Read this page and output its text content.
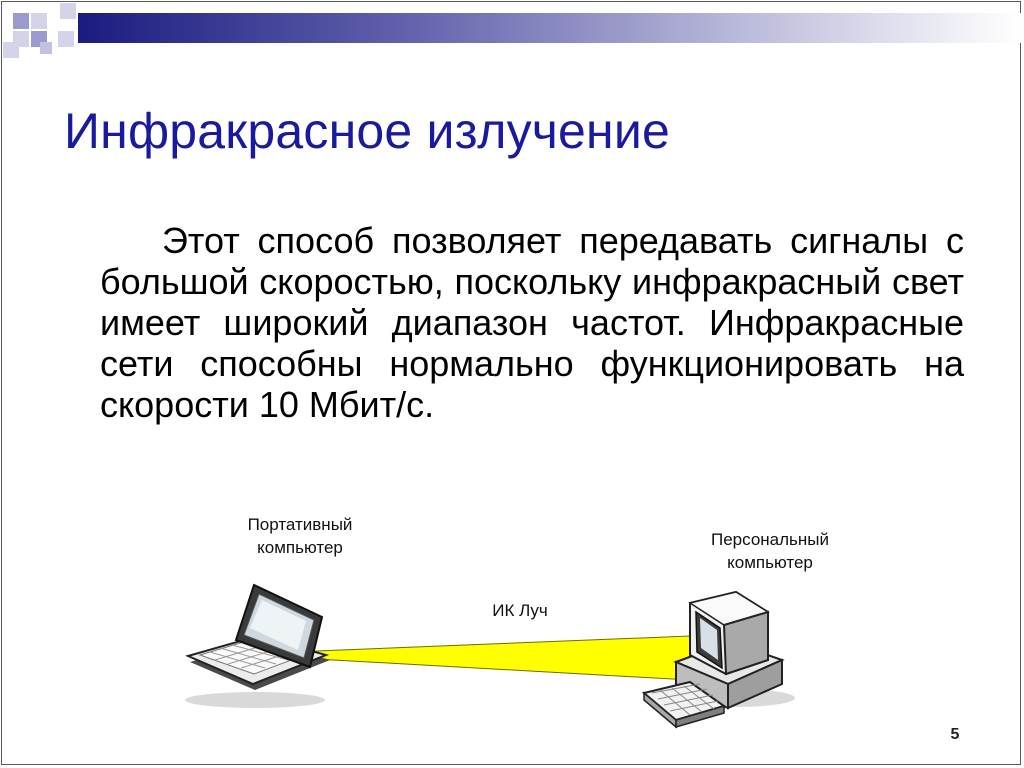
Инфракрасное излучение

Этот способ позволяет передавать сигналы с большой скоростью, поскольку инфракрасный свет имеет широкий диапазон частот. Инфракрасные сети способны нормально функционировать на скорости 10 Мбит/с.

Портативный
компьютер	Персональный
компьютер
ИК Луч
5
